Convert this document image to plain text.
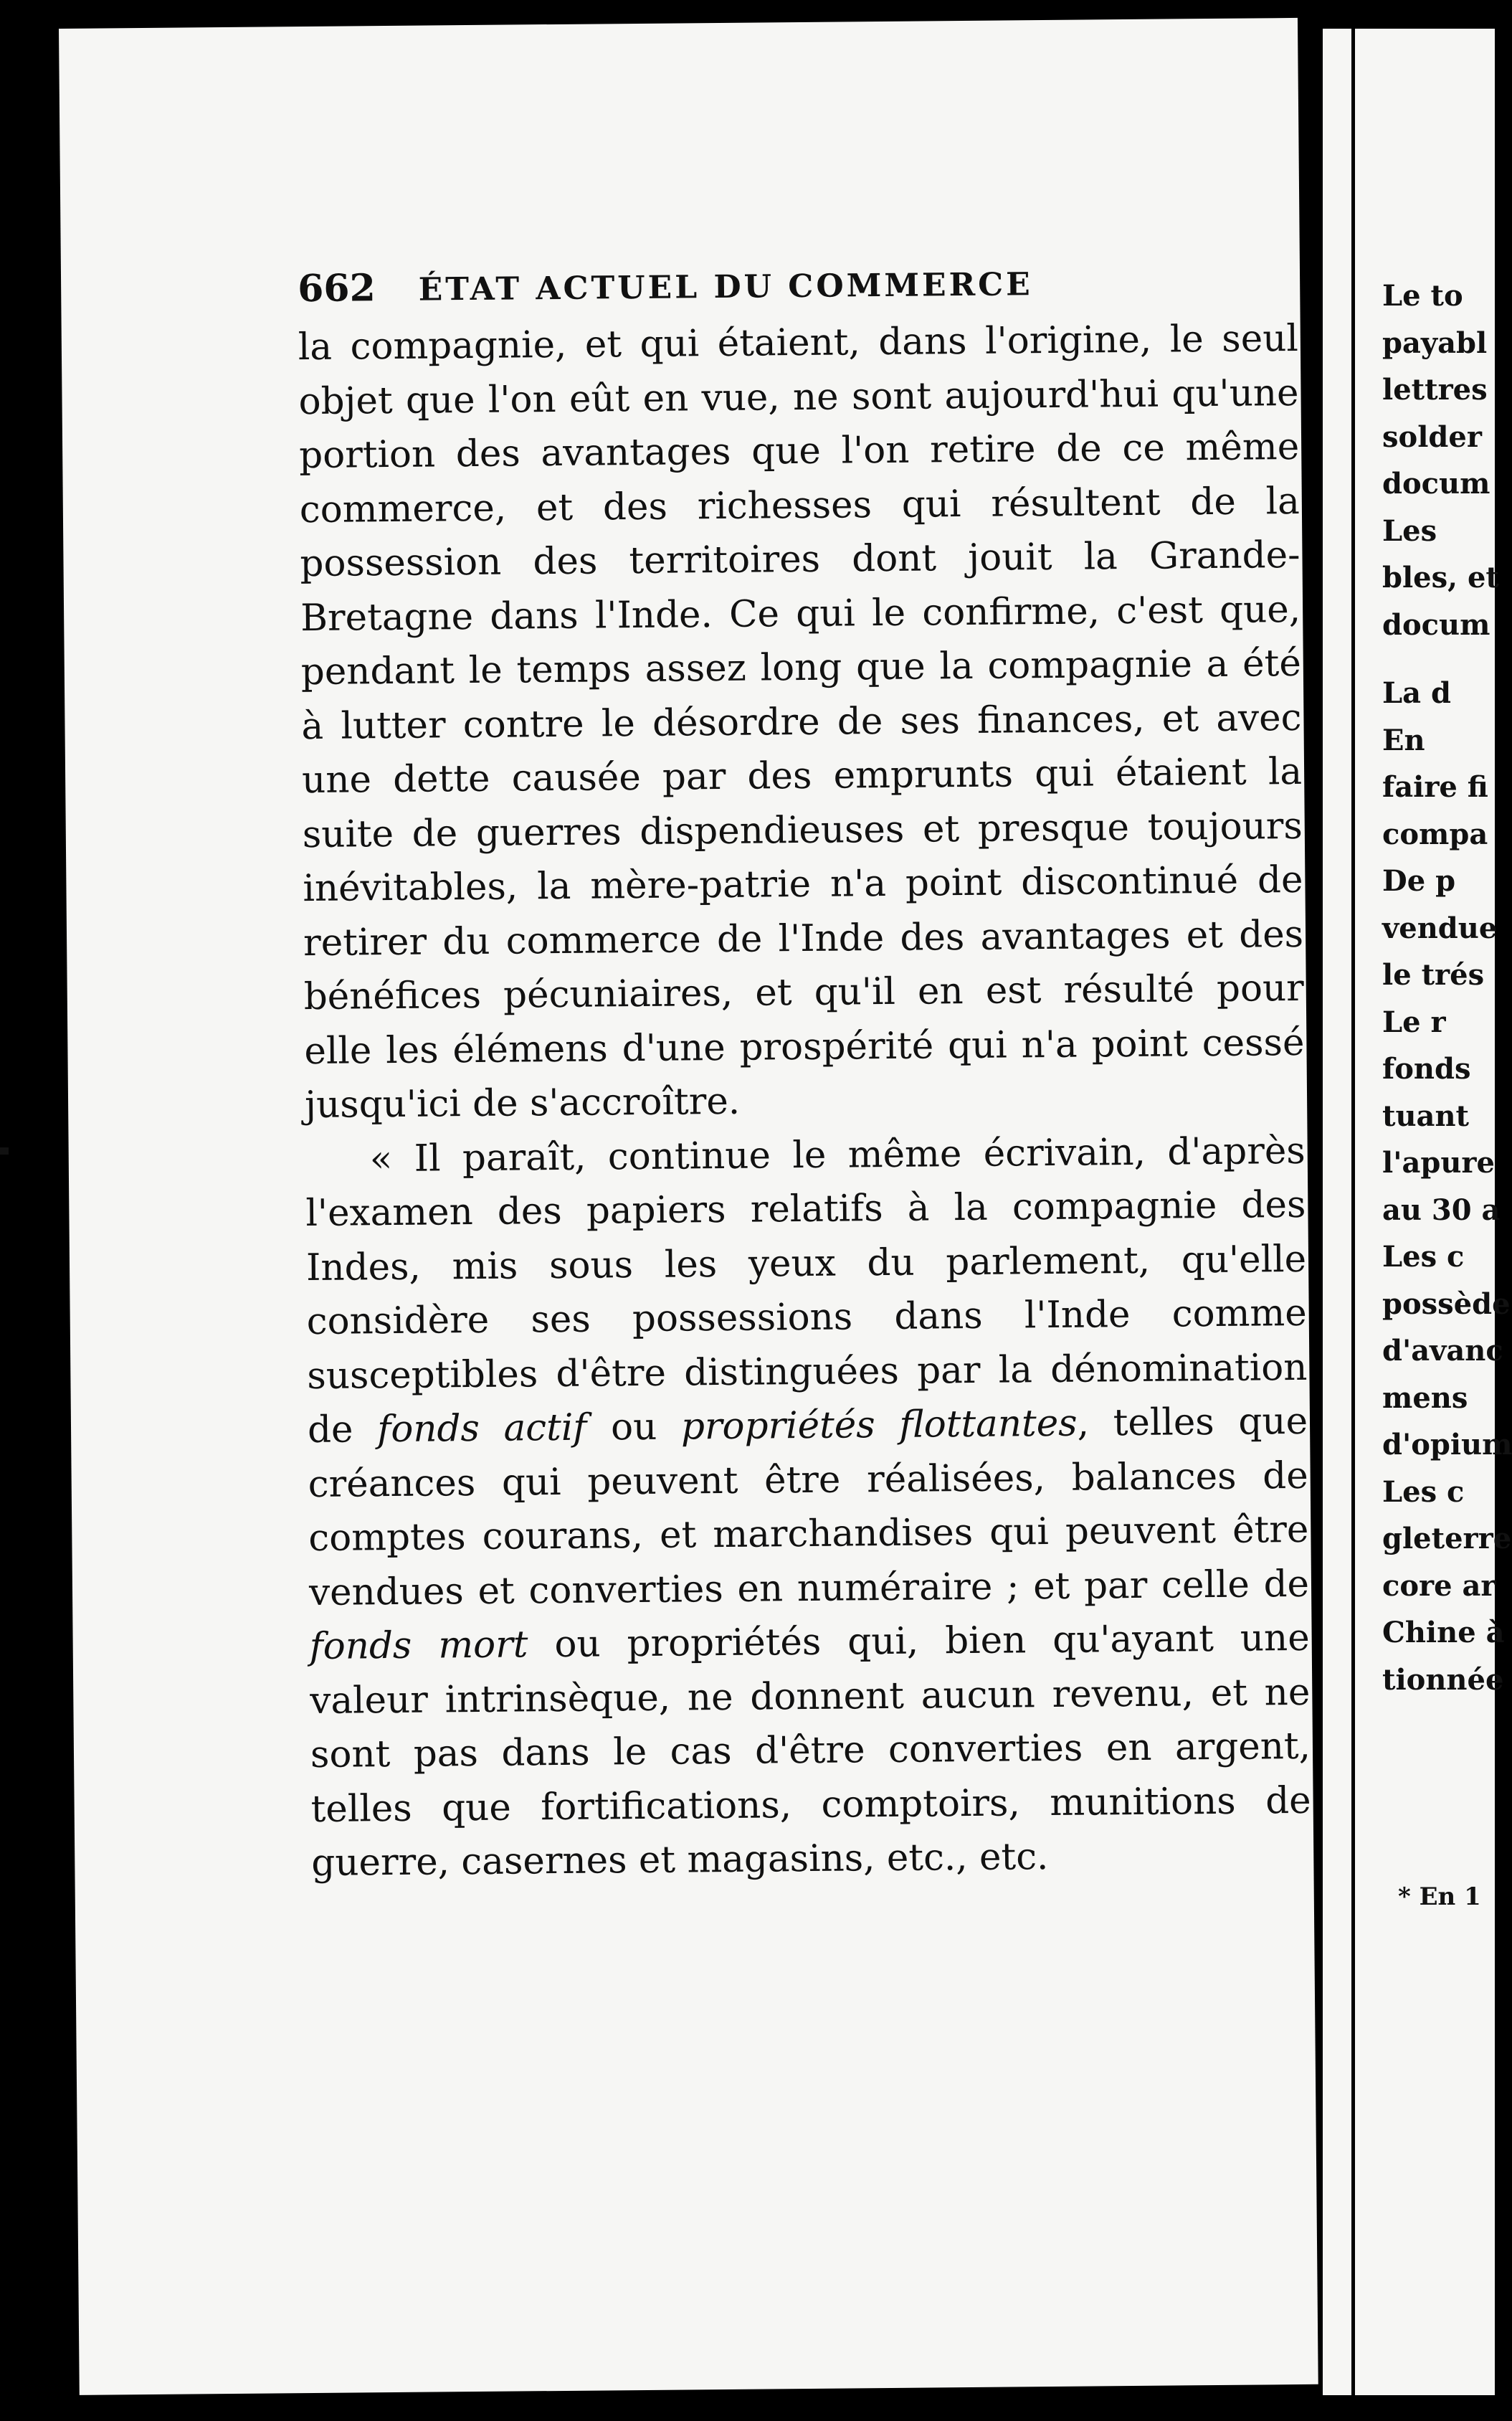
662 ÉTAT ACTUEL DU COMMERCE

la compagnie, et qui étaient, dans l'origine, le seul objet que l'on eût en vue, ne sont aujourd'hui qu'une portion des avantages que l'on retire de ce même commerce, et des richesses qui résultent de la possession des territoires dont jouit la Grande-Bretagne dans l'Inde. Ce qui le confirme, c'est que, pendant le temps assez long que la compagnie a été à lutter contre le désordre de ses finances, et avec une dette causée par des emprunts qui étaient la suite de guerres dispendieuses et presque toujours inévitables, la mère-patrie n'a point discontinué de retirer du commerce de l'Inde des avantages et des bénéfices pécuniaires, et qu'il en est résulté pour elle les élémens d'une prospérité qui n'a point cessé jusqu'ici de s'accroître.

« Il paraît, continue le même écrivain, d'après l'examen des papiers relatifs à la compagnie des Indes, mis sous les yeux du parlement, qu'elle considère ses possessions dans l'Inde comme susceptibles d'être distinguées par la dénomination de fonds actif ou propriétés flottantes, telles que créances qui peuvent être réalisées, balances de comptes courans, et marchandises qui peuvent être vendues et converties en numéraire ; et par celle de fonds mort ou propriétés qui, bien qu'ayant une valeur intrinsèque, ne donnent aucun revenu, et ne sont pas dans le cas d'être converties en argent, telles que fortifications, comptoirs, munitions de guerre, casernes et magasins, etc., etc.

Le to
payabl
lettres
solder
docum
Les
bles, et
docum
La d
En
faire fi
compa
De p
vendue
le trés
Le r
fonds
tuant
l'apure
au 30 a
Les c
possède
d'avanc
mens
d'opium
Les c
gleterre
core ar
Chine à
tionnée
* En 1
